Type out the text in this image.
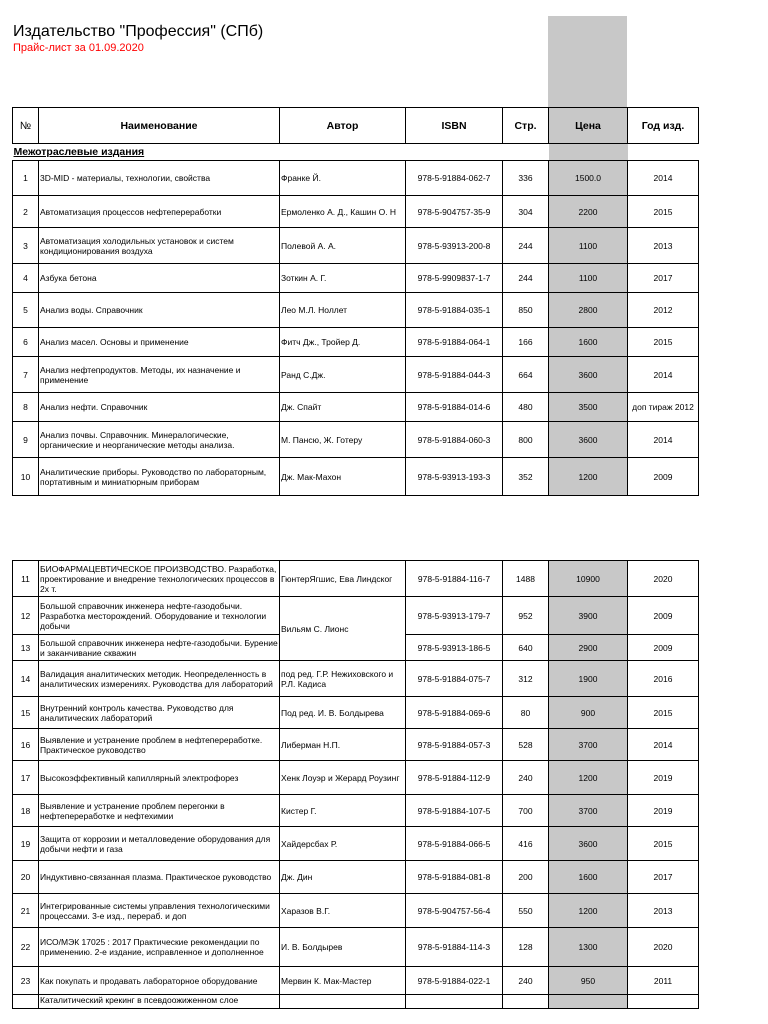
Издательство "Профессия" (СПб)
Прайс-лист за 01.09.2020
№	Наименование	Автор	ISBN	Стр.	Цена	Год изд.
Межотраслевые издания						
1	3D-MID - материалы, технологии, свойства	Франке Й.	978-5-91884-062-7	336	1500.0	2014
2	Автоматизация процессов нефтепереработки	Ермоленко А. Д., Кашин О. Н	978-5-904757-35-9	304	2200	2015
3	Автоматизация холодильных установок и систем кондиционирования воздуха	Полевой А. А.	978-5-93913-200-8	244	1100	2013
4	Азбука бетона	Зоткин А. Г.	978-5-9909837-1-7	244	1100	2017
5	Анализ воды. Справочник	Лео М.Л. Ноллет	978-5-91884-035-1	850	2800	2012
6	Анализ масел. Основы и применение	Фитч Дж., Тройер Д.	978-5-91884-064-1	166	1600	2015
7	Анализ нефтепродуктов. Методы, их назначение и применение	Ранд С.Дж.	978-5-91884-044-3	664	3600	2014
8	Анализ нефти. Справочник	Дж. Спайт	978-5-91884-014-6	480	3500	доп тираж 2012
9	Анализ почвы. Справочник. Минералогические, органические и неорганические методы анализа.	М. Пансю, Ж. Готеру	978-5-91884-060-3	800	3600	2014
10	Аналитические приборы. Руководство по лабораторным, портативным и миниатюрным приборам	Дж. Мак-Махон	978-5-93913-193-3	352	1200	2009
11	БИОФАРМАЦЕВТИЧЕСКОЕ ПРОИЗВОДСТВО. Разработка, проектирование и внедрение технологических процессов в 2х т.	ГюнтерЯгшис, Ева Линдског	978-5-91884-116-7	1488	10900	2020
12	Большой справочник инженера нефте-газодобычи. Разработка месторождений. Оборудование и технологии добычи	Вильям С. Лионс	978-5-93913-179-7	952	3900	2009
13	Большой справочник инженера нефте-газодобычи. Бурение и заканчивание скважин		978-5-93913-186-5	640	2900	2009
14	Валидация аналитических методик. Неопределенность в аналитических измерениях. Руководства для лабораторий	под ред. Г.Р. Нежиховского и Р.Л. Кадиса	978-5-91884-075-7	312	1900	2016
15	Внутренний контроль качества. Руководство для аналитических лабораторий	Под ред. И. В. Болдырева	978-5-91884-069-6	80	900	2015
16	Выявление и устранение проблем в нефтепереработке. Практическое руководство	Либерман Н.П.	978-5-91884-057-3	528	3700	2014
17	Высокоэффективный капиллярный электрофорез	Хенк Лоуэр и Жерард Роузинг	978-5-91884-112-9	240	1200	2019
18	Выявление и устранение проблем перегонки в нефтепереработке и нефтехимии	Кистер Г.	978-5-91884-107-5	700	3700	2019
19	Защита от коррозии и металловедение оборудования для добычи нефти и газа	Хайдерсбах Р.	978-5-91884-066-5	416	3600	2015
20	Индуктивно-связанная плазма. Практическое руководство	Дж. Дин	978-5-91884-081-8	200	1600	2017
21	Интегрированные системы управления технологическими процессами. 3-е изд., перераб. и доп	Харазов В.Г.	978-5-904757-56-4	550	1200	2013
22	ИСО/МЭК 17025 : 2017 Практические рекомендации по применению. 2-е издание, исправленное и дополненное	И. В. Болдырев	978-5-91884-114-3	128	1300	2020
23	Как покупать и продавать лабораторное оборудование	Мервин К. Мак-Мастер	978-5-91884-022-1	240	950	2011
	Каталитический крекинг в псевдоожиженном слое					
